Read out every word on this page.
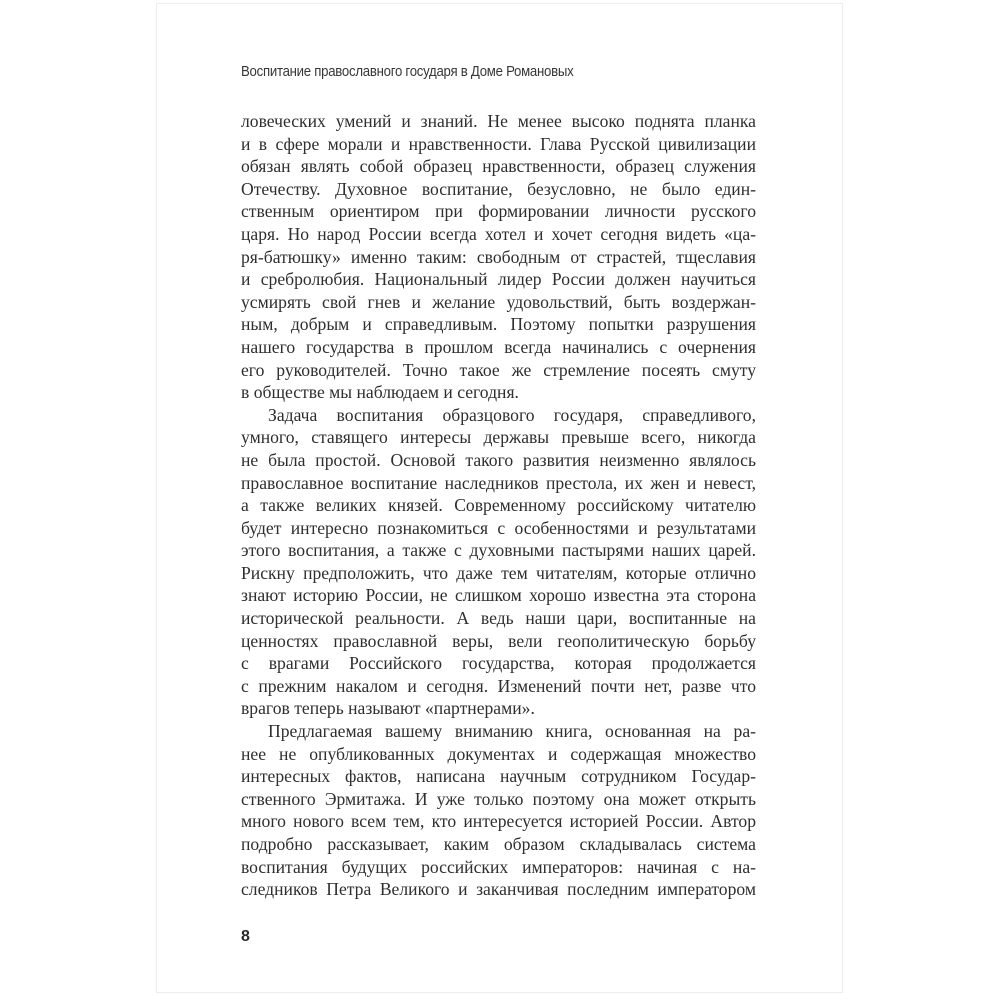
Воспитание православного государя в Доме Романовых

ловеческих умений и знаний. Не менее высоко поднята планка
и в сфере морали и нравственности. Глава Русской цивилизации
обязан являть собой образец нравственности, образец служения
Отечеству. Духовное воспитание, безусловно, не было един-
ственным ориентиром при формировании личности русского
царя. Но народ России всегда хотел и хочет сегодня видеть «ца-
ря-батюшку» именно таким: свободным от страстей, тщеславия
и сребролюбия. Национальный лидер России должен научиться
усмирять свой гнев и желание удовольствий, быть воздержан-
ным, добрым и справедливым. Поэтому попытки разрушения
нашего государства в прошлом всегда начинались с очернения
его руководителей. Точно такое же стремление посеять смуту
в обществе мы наблюдаем и сегодня.

Задача воспитания образцового государя, справедливого,
умного, ставящего интересы державы превыше всего, никогда
не была простой. Основой такого развития неизменно являлось
православное воспитание наследников престола, их жен и невест,
а также великих князей. Современному российскому читателю
будет интересно познакомиться с особенностями и результатами
этого воспитания, а также с духовными пастырями наших царей.
Рискну предположить, что даже тем читателям, которые отлично
знают историю России, не слишком хорошо известна эта сторона
исторической реальности. А ведь наши цари, воспитанные на
ценностях православной веры, вели геополитическую борьбу
с врагами Российского государства, которая продолжается
с прежним накалом и сегодня. Изменений почти нет, разве что
врагов теперь называют «партнерами».

Предлагаемая вашему вниманию книга, основанная на ра-
нее не опубликованных документах и содержащая множество
интересных фактов, написана научным сотрудником Государ-
ственного Эрмитажа. И уже только поэтому она может открыть
много нового всем тем, кто интересуется историей России. Автор
подробно рассказывает, каким образом складывалась система
воспитания будущих российских императоров: начиная с на-
следников Петра Великого и заканчивая последним императором

8
